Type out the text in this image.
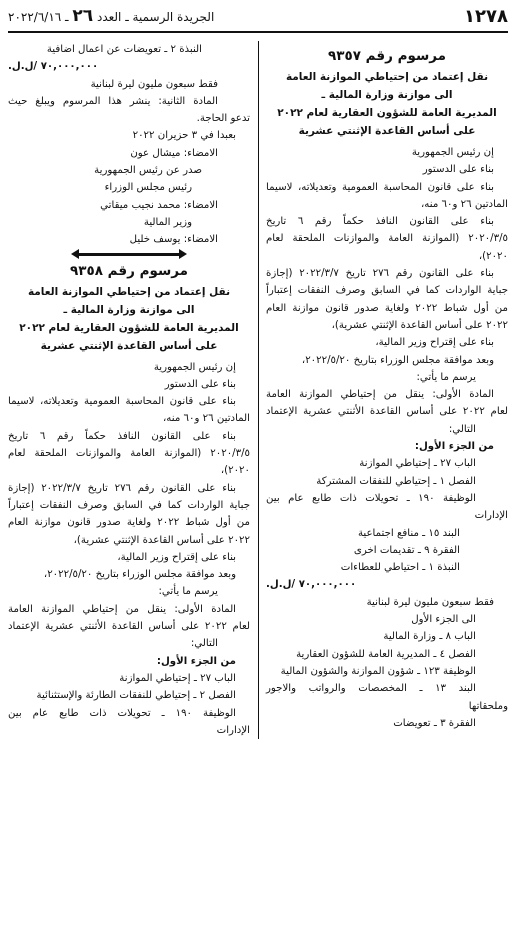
١٢٧٨
الجريدة الرسمية ـ العدد ٢٦ ـ ٢٠٢٢/٦/١٦

مرسوم رقم ٩٣٥٧

نقل إعتماد من إحتياطي الموازنة العامة

الى موازنة وزارة المالية ـ

المديرية العامة للشؤون العقارية لعام ٢٠٢٢

على أساس القاعدة الإثنتي عشرية

إن رئيس الجمهورية

بناء على الدستور

بناء على قانون المحاسبة العمومية وتعديلاته، لاسيما

المادتين ٢٦ و٦٠ منه،

بناء على القانون النافذ حكماً رقم ٦ تاريخ

٢٠٢٠/٣/٥ (الموازنة العامة والموازنات الملحقة لعام

٢٠٢٠)،

بناء على القانون رقم ٢٧٦ تاريخ ٢٠٢٢/٣/٧ (إجازة

جباية الواردات كما في السابق وصرف النفقات إعتباراً

من أول شباط ٢٠٢٢ ولغاية صدور قانون موازنة العام

٢٠٢٢ على أساس القاعدة الإثنتي عشرية)،

بناء على إقتراح وزير المالية،

وبعد موافقة مجلس الوزراء بتاريخ ٢٠٢٢/٥/٢٠،

يرسم ما يأتي:

المادة الأولى: ينقل من إحتياطي الموازنة العامة

لعام ٢٠٢٢ على أساس القاعدة الأثنتي عشرية الإعتماد

التالي:

من الجزء الأول:

الباب ٢٧ ـ إحتياطي الموازنة

الفصل ١ ـ إحتياطي للنفقات المشتركة

الوظيفة ١٩٠ ـ تحويلات ذات طابع عام بين

الإدارات

البند ١٥ ـ منافع اجتماعية

الفقرة ٩ ـ تقديمات اخرى

النبذة ١ ـ احتياطي للعطاءات

٧٠,٠٠٠,٠٠٠ /ل.ل.

فقط سبعون مليون ليرة لبنانية

الى الجزء الأول

الباب ٨ ـ وزارة المالية

الفصل ٤ ـ المديرية العامة للشؤون العقارية

الوظيفة ١٢٣ ـ شؤون الموازنة والشؤون المالية

البند ١٣ ـ المخصصات والرواتب والاجور

وملحقاتها

الفقرة ٣ ـ تعويضات

النبذة ٢ ـ تعويضات عن اعمال اضافية

٧٠,٠٠٠,٠٠٠ /ل.ل.

فقط سبعون مليون ليرة لبنانية

المادة الثانية: ينشر هذا المرسوم ويبلغ حيث

تدعو الحاجة.

بعبدا في ٣ حزيران ٢٠٢٢

الامضاء: ميشال عون

صدر عن رئيس الجمهورية

رئيس مجلس الوزراء

الامضاء: محمد نجيب ميقاتي

وزير المالية

الامضاء: يوسف خليل

مرسوم رقم ٩٣٥٨

نقل إعتماد من إحتياطي الموازنة العامة

الى موازنة وزارة المالية ـ

المديرية العامة للشؤون العقارية لعام ٢٠٢٢

على أساس القاعدة الإثنتي عشرية

إن رئيس الجمهورية

بناء على الدستور

بناء على قانون المحاسبة العمومية وتعديلاته، لاسيما

المادتين ٢٦ و٦٠ منه،

بناء على القانون النافذ حكماً رقم ٦ تاريخ

٢٠٢٠/٣/٥ (الموازنة العامة والموازنات الملحقة لعام

٢٠٢٠)،

بناء على القانون رقم ٢٧٦ تاريخ ٢٠٢٢/٣/٧ (إجازة

جباية الواردات كما في السابق وصرف النفقات إعتباراً

من أول شباط ٢٠٢٢ ولغاية صدور قانون موازنة العام

٢٠٢٢ على أساس القاعدة الإثنتي عشرية)،

بناء على إقتراح وزير المالية،

وبعد موافقة مجلس الوزراء بتاريخ ٢٠٢٢/٥/٢٠،

يرسم ما يأتي:

المادة الأولى: ينقل من إحتياطي الموازنة العامة

لعام ٢٠٢٢ على أساس القاعدة الأثنتي عشرية الإعتماد

التالي:

من الجزء الأول:

الباب ٢٧ ـ إحتياطي الموازنة

الفصل ٢ ـ إحتياطي للنفقات الطارئة والإستثنائية

الوظيفة ١٩٠ ـ تحويلات ذات طابع عام بين

الإدارات
